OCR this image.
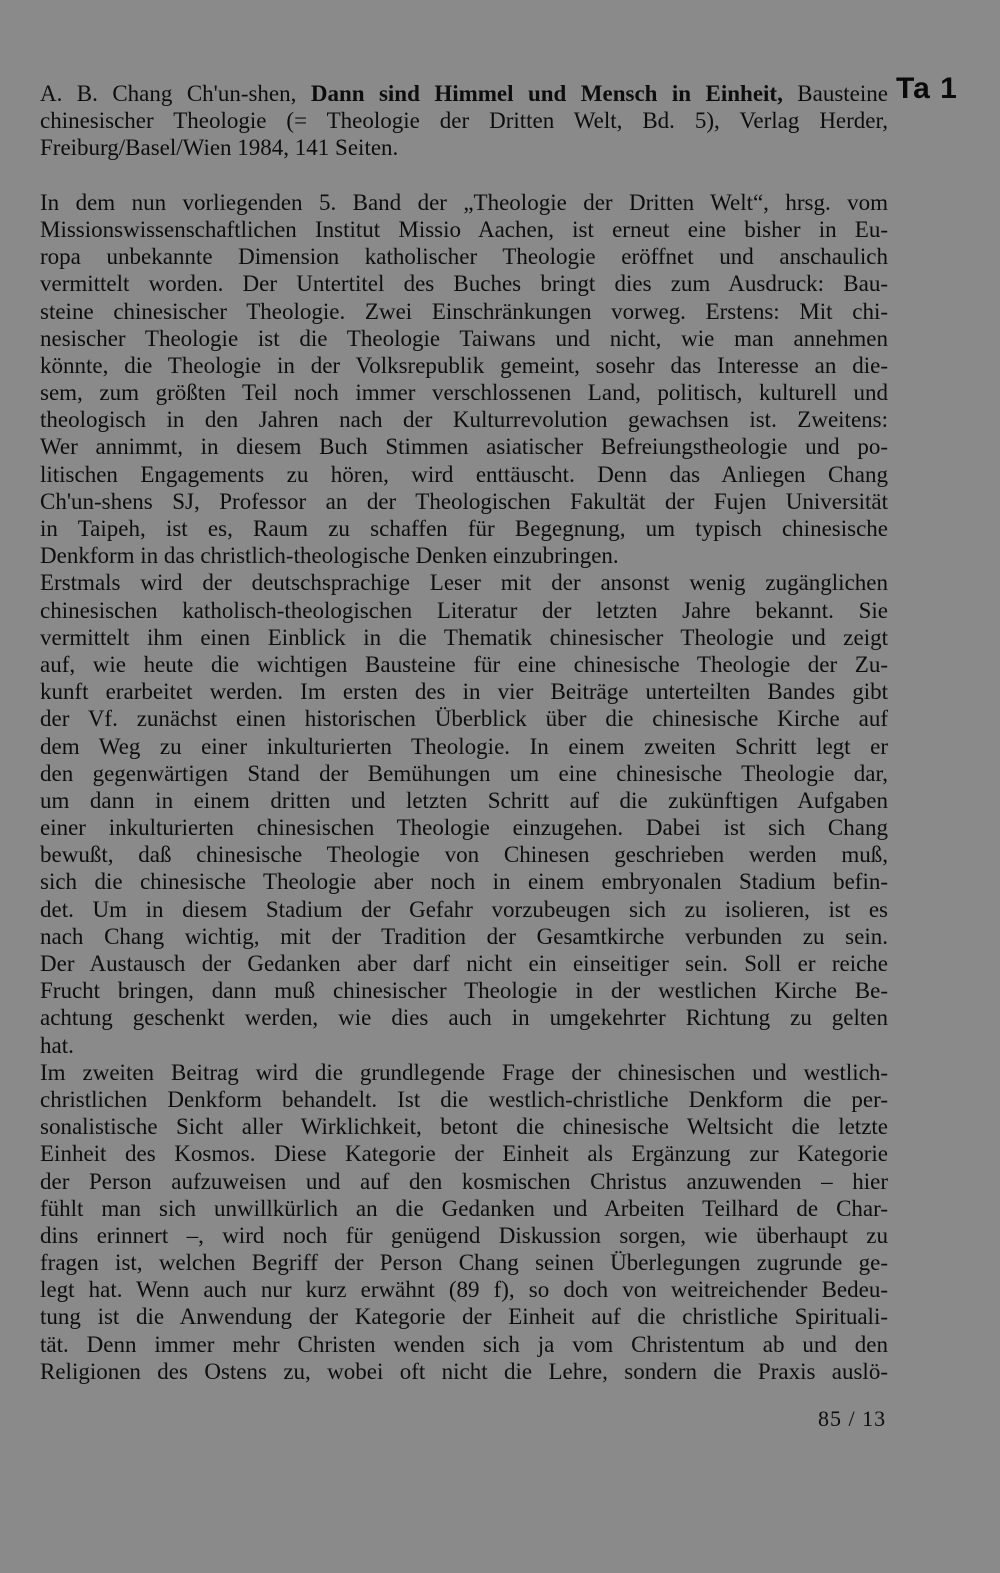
Ta 1
A. B. Chang Ch'un-shen, Dann sind Himmel und Mensch in Einheit, Bausteine
chinesischer Theologie (= Theologie der Dritten Welt, Bd. 5), Verlag Herder,
Freiburg/Basel/Wien 1984, 141 Seiten.
In dem nun vorliegenden 5. Band der „Theologie der Dritten Welt“, hrsg. vom
Missionswissenschaftlichen Institut Missio Aachen, ist erneut eine bisher in Eu-
ropa unbekannte Dimension katholischer Theologie eröffnet und anschaulich
vermittelt worden. Der Untertitel des Buches bringt dies zum Ausdruck: Bau-
steine chinesischer Theologie. Zwei Einschränkungen vorweg. Erstens: Mit chi-
nesischer Theologie ist die Theologie Taiwans und nicht, wie man annehmen
könnte, die Theologie in der Volksrepublik gemeint, sosehr das Interesse an die-
sem, zum größten Teil noch immer verschlossenen Land, politisch, kulturell und
theologisch in den Jahren nach der Kulturrevolution gewachsen ist. Zweitens:
Wer annimmt, in diesem Buch Stimmen asiatischer Befreiungstheologie und po-
litischen Engagements zu hören, wird enttäuscht. Denn das Anliegen Chang
Ch'un-shens SJ, Professor an der Theologischen Fakultät der Fujen Universität
in Taipeh, ist es, Raum zu schaffen für Begegnung, um typisch chinesische
Denkform in das christlich-theologische Denken einzubringen.
Erstmals wird der deutschsprachige Leser mit der ansonst wenig zugänglichen
chinesischen katholisch-theologischen Literatur der letzten Jahre bekannt. Sie
vermittelt ihm einen Einblick in die Thematik chinesischer Theologie und zeigt
auf, wie heute die wichtigen Bausteine für eine chinesische Theologie der Zu-
kunft erarbeitet werden. Im ersten des in vier Beiträge unterteilten Bandes gibt
der Vf. zunächst einen historischen Überblick über die chinesische Kirche auf
dem Weg zu einer inkulturierten Theologie. In einem zweiten Schritt legt er
den gegenwärtigen Stand der Bemühungen um eine chinesische Theologie dar,
um dann in einem dritten und letzten Schritt auf die zukünftigen Aufgaben
einer inkulturierten chinesischen Theologie einzugehen. Dabei ist sich Chang
bewußt, daß chinesische Theologie von Chinesen geschrieben werden muß,
sich die chinesische Theologie aber noch in einem embryonalen Stadium befin-
det. Um in diesem Stadium der Gefahr vorzubeugen sich zu isolieren, ist es
nach Chang wichtig, mit der Tradition der Gesamtkirche verbunden zu sein.
Der Austausch der Gedanken aber darf nicht ein einseitiger sein. Soll er reiche
Frucht bringen, dann muß chinesischer Theologie in der westlichen Kirche Be-
achtung geschenkt werden, wie dies auch in umgekehrter Richtung zu gelten
hat.
Im zweiten Beitrag wird die grundlegende Frage der chinesischen und westlich-
christlichen Denkform behandelt. Ist die westlich-christliche Denkform die per-
sonalistische Sicht aller Wirklichkeit, betont die chinesische Weltsicht die letzte
Einheit des Kosmos. Diese Kategorie der Einheit als Ergänzung zur Kategorie
der Person aufzuweisen und auf den kosmischen Christus anzuwenden – hier
fühlt man sich unwillkürlich an die Gedanken und Arbeiten Teilhard de Char-
dins erinnert –, wird noch für genügend Diskussion sorgen, wie überhaupt zu
fragen ist, welchen Begriff der Person Chang seinen Überlegungen zugrunde ge-
legt hat. Wenn auch nur kurz erwähnt (89 f), so doch von weitreichender Bedeu-
tung ist die Anwendung der Kategorie der Einheit auf die christliche Spirituali-
tät. Denn immer mehr Christen wenden sich ja vom Christentum ab und den
Religionen des Ostens zu, wobei oft nicht die Lehre, sondern die Praxis auslö-
85 / 13
